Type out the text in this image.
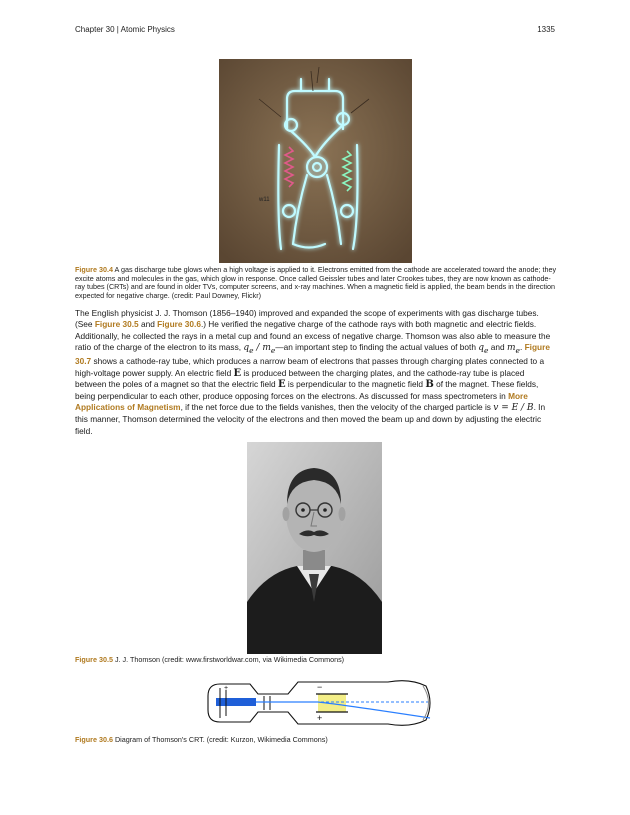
Chapter 30 | Atomic Physics	1335
w11
Figure 30.4 A gas discharge tube glows when a high voltage is applied to it. Electrons emitted from the cathode are accelerated toward the anode; they excite atoms and molecules in the gas, which glow in response. Once called Geissler tubes and later Crookes tubes, they are now known as cathode-ray tubes (CRTs) and are found in older TVs, computer screens, and x-ray machines. When a magnetic field is applied, the beam bends in the direction expected for negative charge. (credit: Paul Downey, Flickr)
The English physicist J. J. Thomson (1856–1940) improved and expanded the scope of experiments with gas discharge tubes. (See Figure 30.5 and Figure 30.6.) He verified the negative charge of the cathode rays with both magnetic and electric fields. Additionally, he collected the rays in a metal cup and found an excess of negative charge. Thomson was also able to measure the ratio of the charge of the electron to its mass, $q_e$ / $m_e—an$ important step to finding the actual values of both $q_e$ and $m_e$. Figure 30.7 shows a cathode-ray tube, which produces a narrow beam of electrons that passes through charging plates connected to a high-voltage power supply. An electric field E is produced between the charging plates, and the cathode-ray tube is placed between the poles of a magnet so that the electric field E is perpendicular to the magnetic field B of the magnet. These fields, being perpendicular to each other, produce opposing forces on the electrons. As discussed for mass spectrometers in More Applications of Magnetism, if the net force due to the fields vanishes, then the velocity of the charged particle is v = E / B. In this manner, Thomson determined the velocity of the electrons and then moved the beam up and down by adjusting the electric field.
Figure 30.5 J. J. Thomson (credit: www.firstworldwar.com, via Wikimedia Commons)
−
+
+
Figure 30.6 Diagram of Thomson's CRT. (credit: Kurzon, Wikimedia Commons)
